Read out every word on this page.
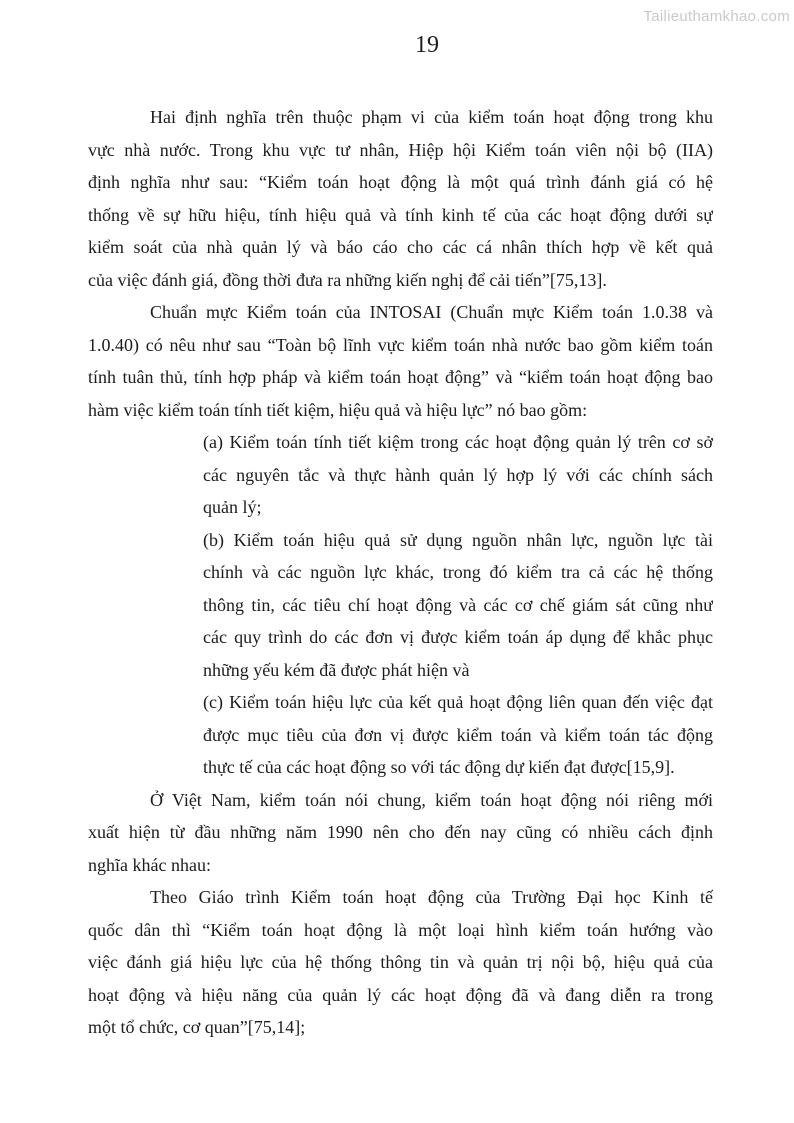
Tailieuthamkhao.com
19
Hai định nghĩa trên thuộc phạm vi của kiểm toán hoạt động trong khu
vực nhà nước. Trong khu vực tư nhân, Hiệp hội Kiểm toán viên nội bộ (IIA)
định nghĩa như sau: “Kiểm toán hoạt động là một quá trình đánh giá có hệ
thống về sự hữu hiệu, tính hiệu quả và tính kinh tế của các hoạt động dưới sự
kiểm soát của nhà quản lý và báo cáo cho các cá nhân thích hợp về kết quả
của việc đánh giá, đồng thời đưa ra những kiến nghị để cải tiến”[75,13].
Chuẩn mực Kiểm toán của INTOSAI (Chuẩn mực Kiểm toán 1.0.38 và
1.0.40) có nêu như sau “Toàn bộ lĩnh vực kiểm toán nhà nước bao gồm kiểm toán
tính tuân thủ, tính hợp pháp và kiểm toán hoạt động” và “kiểm toán hoạt động bao
hàm việc kiểm toán tính tiết kiệm, hiệu quả và hiệu lực” nó bao gồm:
(a) Kiểm toán tính tiết kiệm trong các hoạt động quản lý trên cơ sở
các nguyên tắc và thực hành quản lý hợp lý với các chính sách
quản lý;
(b) Kiểm toán hiệu quả sử dụng nguồn nhân lực, nguồn lực tài
chính và các nguồn lực khác, trong đó kiểm tra cả các hệ thống
thông tin, các tiêu chí hoạt động và các cơ chế giám sát cũng như
các quy trình do các đơn vị được kiểm toán áp dụng để khắc phục
những yếu kém đã được phát hiện và
(c) Kiểm toán hiệu lực của kết quả hoạt động liên quan đến việc đạt
được mục tiêu của đơn vị được kiểm toán và kiểm toán tác động
thực tế của các hoạt động so với tác động dự kiến đạt được[15,9].
Ở Việt Nam, kiểm toán nói chung, kiểm toán hoạt động nói riêng mới
xuất hiện từ đầu những năm 1990 nên cho đến nay cũng có nhiều cách định
nghĩa khác nhau:
Theo Giáo trình Kiểm toán hoạt động của Trường Đại học Kinh tế
quốc dân thì “Kiểm toán hoạt động là một loại hình kiểm toán hướng vào
việc đánh giá hiệu lực của hệ thống thông tin và quản trị nội bộ, hiệu quả của
hoạt động và hiệu năng của quản lý các hoạt động đã và đang diễn ra trong
một tổ chức, cơ quan”[75,14];
